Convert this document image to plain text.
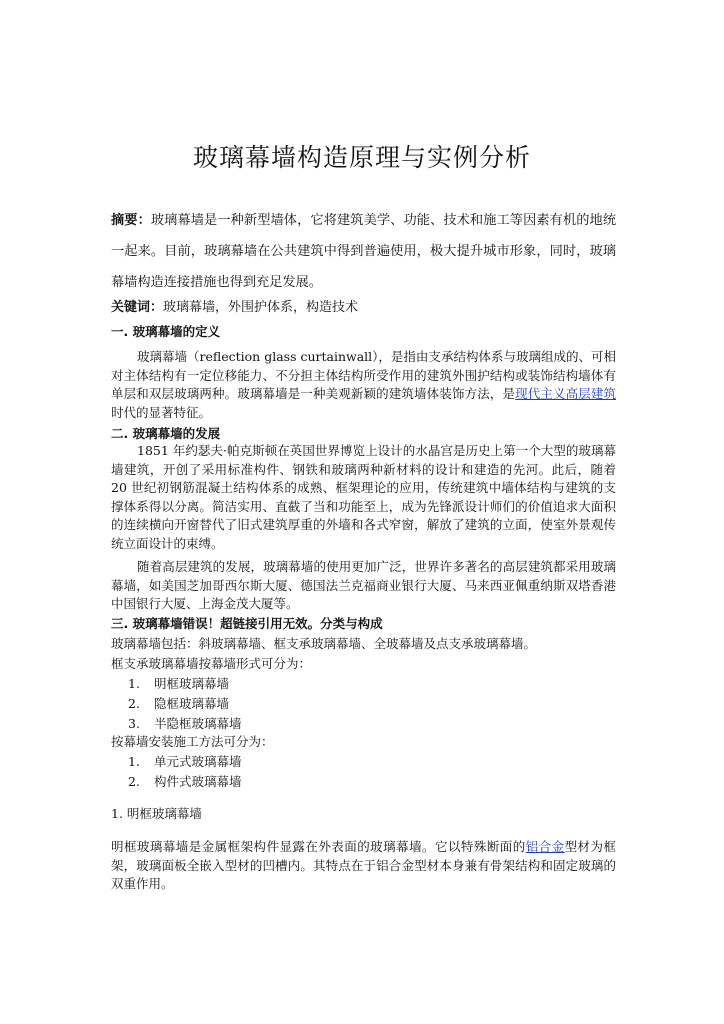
玻璃幕墙构造原理与实例分析
摘要：玻璃幕墙是一种新型墙体，它将建筑美学、功能、技术和施工等因素有机的地统一起来。目前，玻璃幕墙在公共建筑中得到普遍使用，极大提升城市形象，同时，玻璃幕墙构造连接措施也得到充足发展。
关键词：玻璃幕墙，外围护体系，构造技术
一. 玻璃幕墙的定义
玻璃幕墙（reflection glass curtainwall），是指由支承结构体系与玻璃组成的、可相对主体结构有一定位移能力、不分担主体结构所受作用的建筑外围护结构或装饰结构墙体有单层和双层玻璃两种。玻璃幕墙是一种美观新颖的建筑墙体装饰方法，是现代主义高层建筑时代的显著特征。
二. 玻璃幕墙的发展
1851 年约瑟夫·帕克斯顿在英国世界博览上设计的水晶宫是历史上第一个大型的玻璃幕墙建筑，开创了采用标准构件、钢铁和玻璃两种新材料的设计和建造的先河。此后，随着 20 世纪初钢筋混凝土结构体系的成熟、框架理论的应用，传统建筑中墙体结构与建筑的支撑体系得以分离。简洁实用、直截了当和功能至上，成为先锋派设计师们的价值追求大面积的连续横向开窗替代了旧式建筑厚重的外墙和各式窄窗，解放了建筑的立面，使室外景观传统立面设计的束缚。
随着高层建筑的发展，玻璃幕墙的使用更加广泛，世界许多著名的高层建筑都采用玻璃幕墙，如美国芝加哥西尔斯大厦、德国法兰克福商业银行大厦、马来西亚佩重纳斯双塔香港中国银行大厦、上海金茂大厦等。
三. 玻璃幕墙错误！超链接引用无效。分类与构成
玻璃幕墙包括：斜玻璃幕墙、框支承玻璃幕墙、全玻幕墙及点支承玻璃幕墙。
框支承玻璃幕墙按幕墙形式可分为：
1. 明框玻璃幕墙
2. 隐框玻璃幕墙
3. 半隐框玻璃幕墙
按幕墙安装施工方法可分为：
1. 单元式玻璃幕墙
2. 构件式玻璃幕墙
1. 明框玻璃幕墙
明框玻璃幕墙是金属框架构件显露在外表面的玻璃幕墙。它以特殊断面的铝合金型材为框架，玻璃面板全嵌入型材的凹槽内。其特点在于铝合金型材本身兼有骨架结构和固定玻璃的双重作用。
